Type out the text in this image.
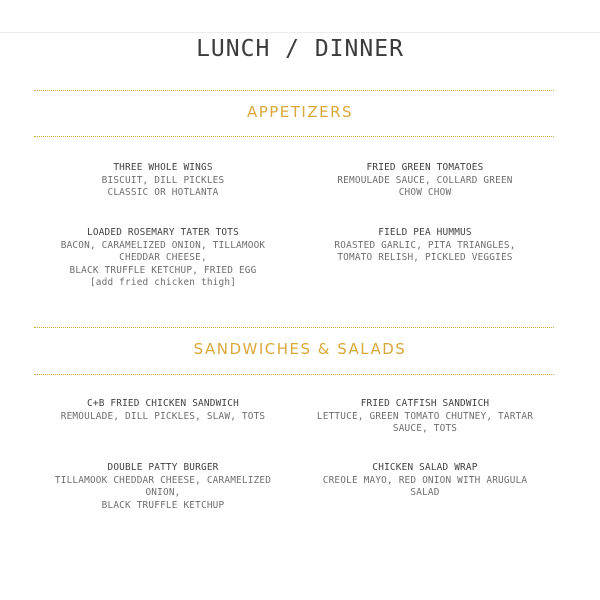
LUNCH / DINNER
APPETIZERS
THREE WHOLE WINGS
BISCUIT, DILL PICKLES
CLASSIC OR HOTLANTA
FRIED GREEN TOMATOES
REMOULADE SAUCE, COLLARD GREEN
CHOW CHOW
LOADED ROSEMARY TATER TOTS
BACON, CARAMELIZED ONION, TILLAMOOK
CHEDDAR CHEESE,
BLACK TRUFFLE KETCHUP, FRIED EGG
[add fried chicken thigh]
FIELD PEA HUMMUS
ROASTED GARLIC, PITA TRIANGLES,
TOMATO RELISH, PICKLED VEGGIES
SANDWICHES & SALADS
C+B FRIED CHICKEN SANDWICH
REMOULADE, DILL PICKLES, SLAW, TOTS
FRIED CATFISH SANDWICH
LETTUCE, GREEN TOMATO CHUTNEY, TARTAR
SAUCE, TOTS
DOUBLE PATTY BURGER
TILLAMOOK CHEDDAR CHEESE, CARAMELIZED
ONION,
BLACK TRUFFLE KETCHUP
CHICKEN SALAD WRAP
CREOLE MAYO, RED ONION WITH ARUGULA
SALAD
